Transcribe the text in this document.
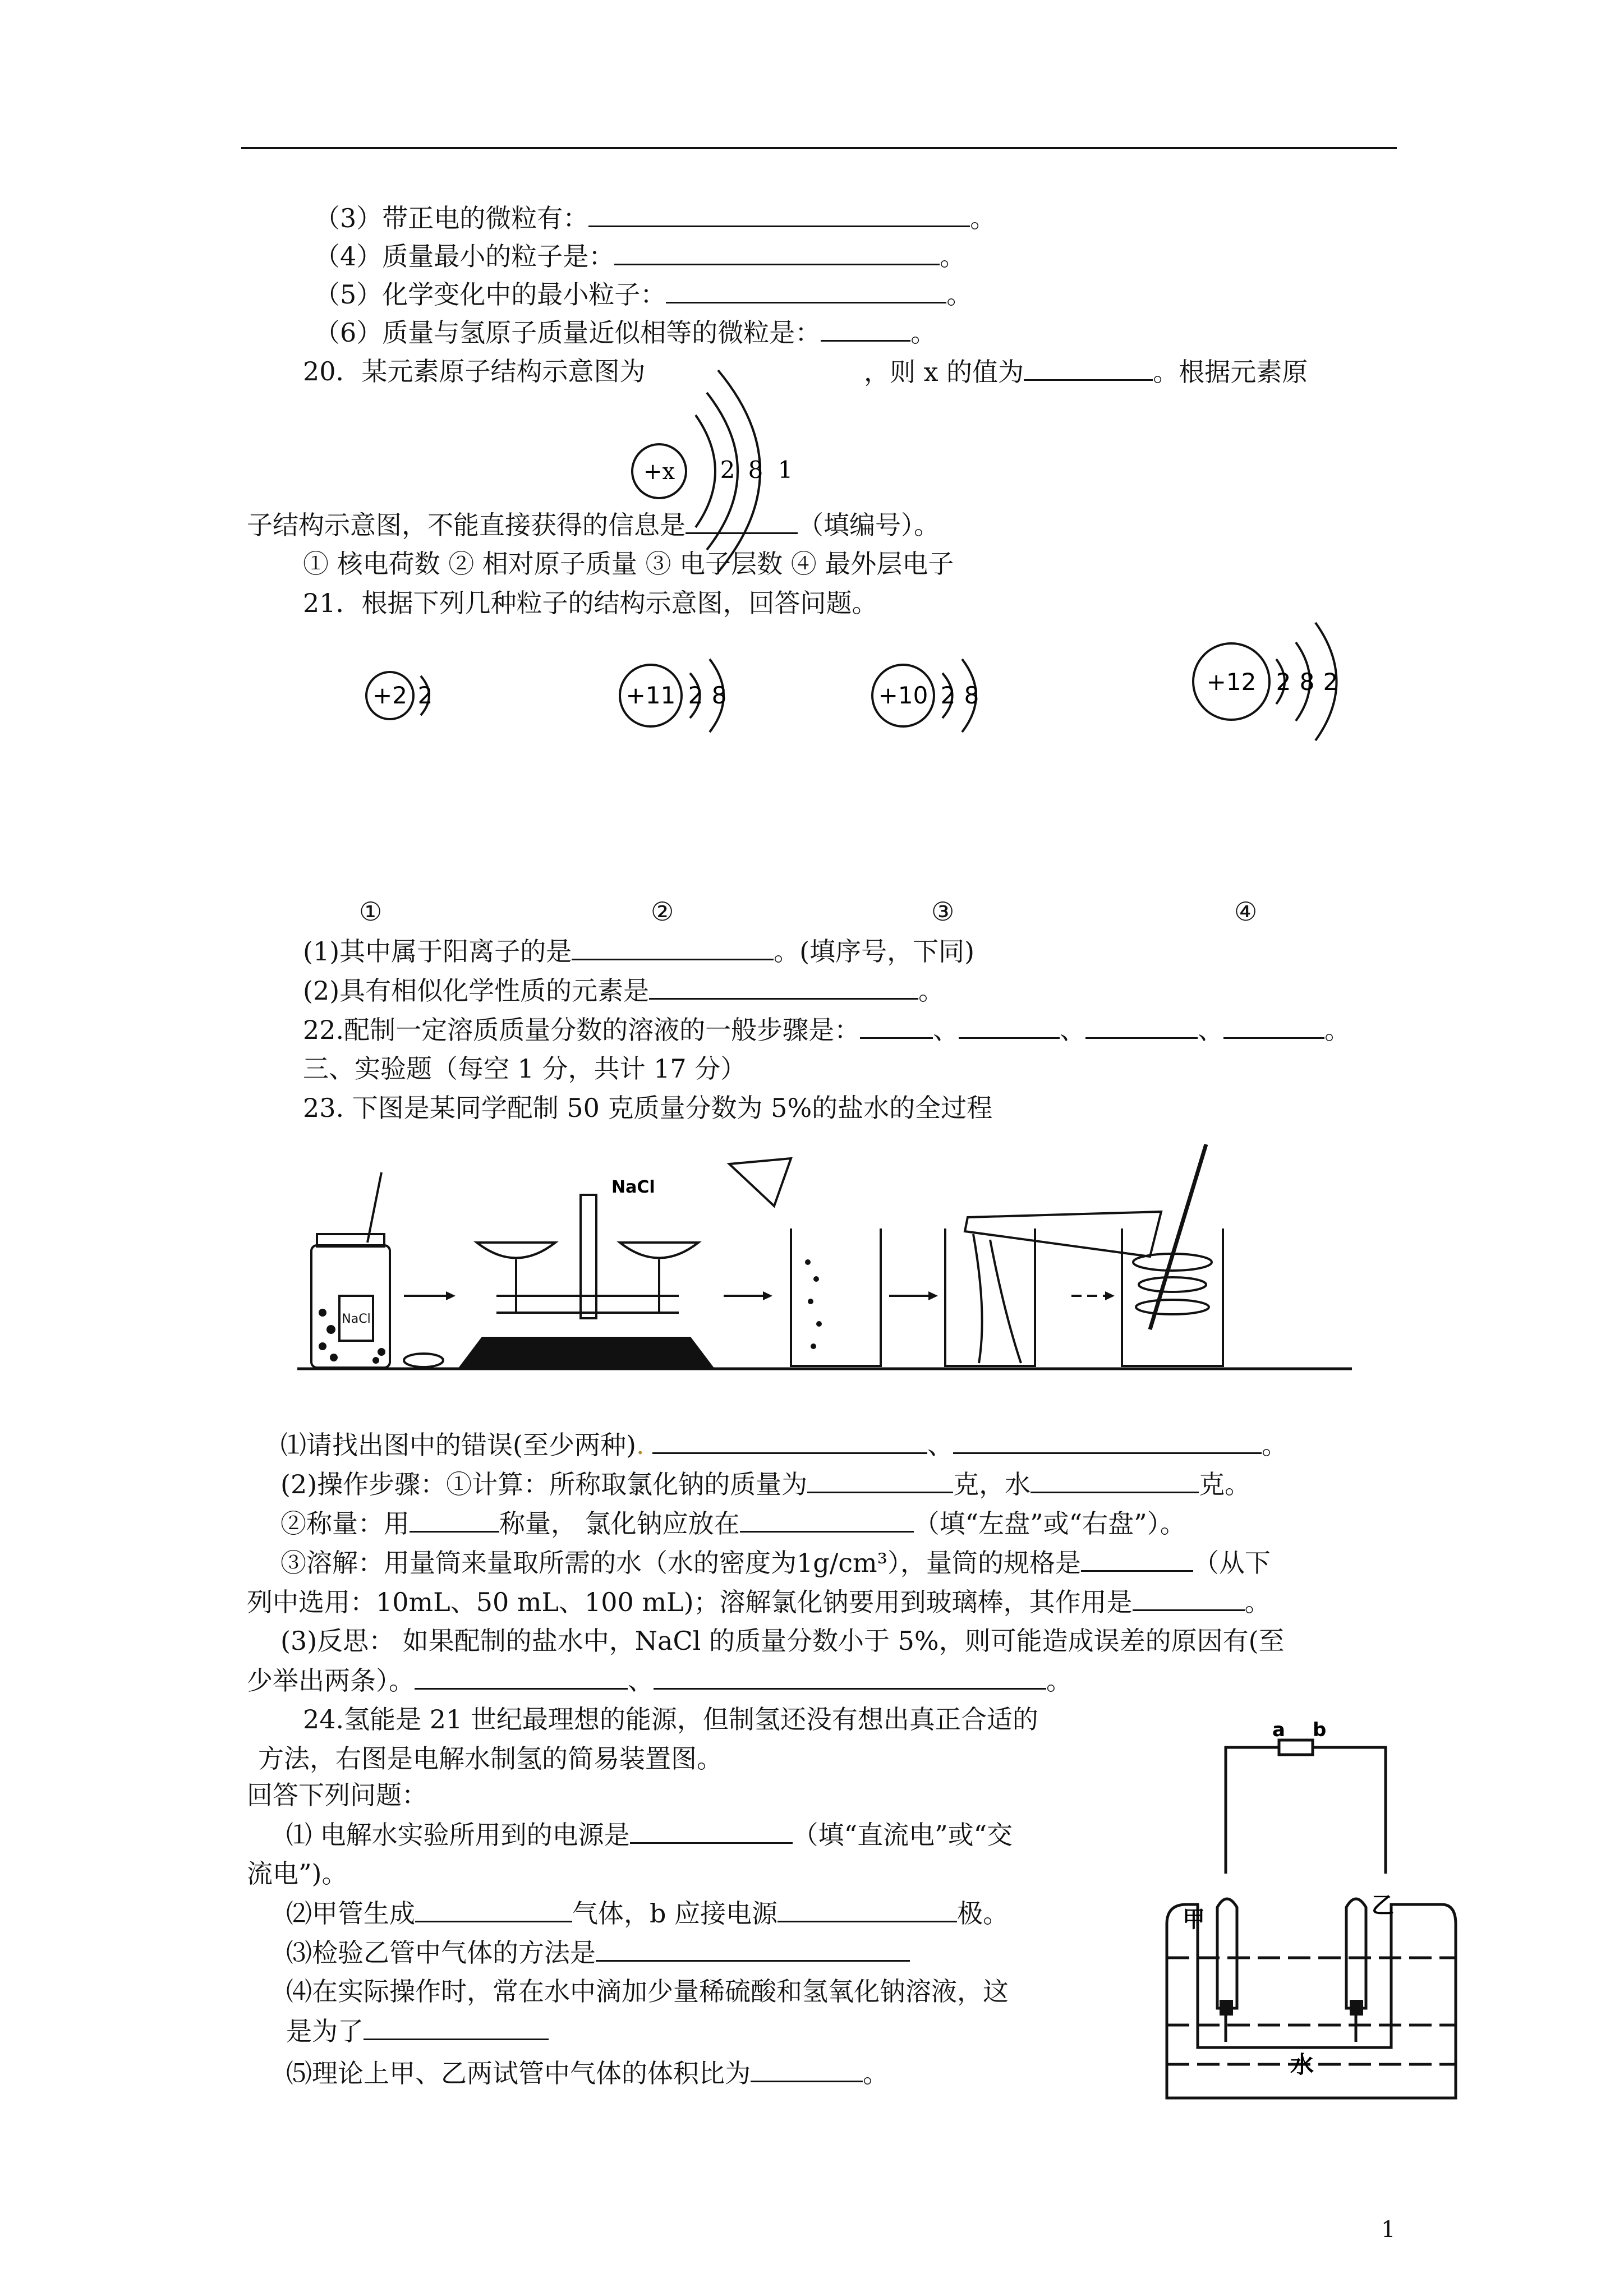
（3）带正电的微粒有：	。
（4）质量最小的粒子是：	。
（5）化学变化中的最小粒子：	。
（6）质量与氢原子质量近似相等的微粒是：	。
20．某元素原子结构示意图为	，则 x 的值为	。根据元素原
+x 2 8 1
子结构示意图，不能直接获得的信息是	（填编号）。
① 核电荷数 ② 相对原子质量 ③ 电子层数 ④ 最外层电子
21．根据下列几种粒子的结构示意图，回答问题。
+2 2	+11 2 8	+10 2 8	+12 2 8 2
①	②	③	④
(1)其中属于阳离子的是	。(填序号，下同)
(2)具有相似化学性质的元素是	。
22.配制一定溶质质量分数的溶液的一般步骤是：	、	、	、	。
三、实验题（每空 1 分，共计 17 分）
23. 下图是某同学配制 50 克质量分数为 5%的盐水的全过程
NaCl
NaCl
⑴请找出图中的错误(至少两种).	、	。
(2)操作步骤：①计算：所称取氯化钠的质量为	克，水	克。
②称量：用	称量， 氯化钠应放在	（填“左盘”或“右盘”）。
③溶解：用量筒来量取所需的水（水的密度为1g/cm³），量筒的规格是	（从下
列中选用：10mL、50 mL、100 mL)；溶解氯化钠要用到玻璃棒，其作用是	。
(3)反思： 如果配制的盐水中，NaCl 的质量分数小于 5%，则可能造成误差的原因有(至
少举出两条）。	、	。
24.氢能是 21 世纪最理想的能源，但制氢还没有想出真正合适的
方法，右图是电解水制氢的简易装置图。
回答下列问题：
⑴ 电解水实验所用到的电源是	（填“直流电”或“交
流电”)。
⑵甲管生成	气体，b 应接电源	极。
⑶检验乙管中气体的方法是
⑷在实际操作时，常在水中滴加少量稀硫酸和氢氧化钠溶液，这
是为了
⑸理论上甲、乙两试管中气体的体积比为	。
a b
甲
乙
水
1
